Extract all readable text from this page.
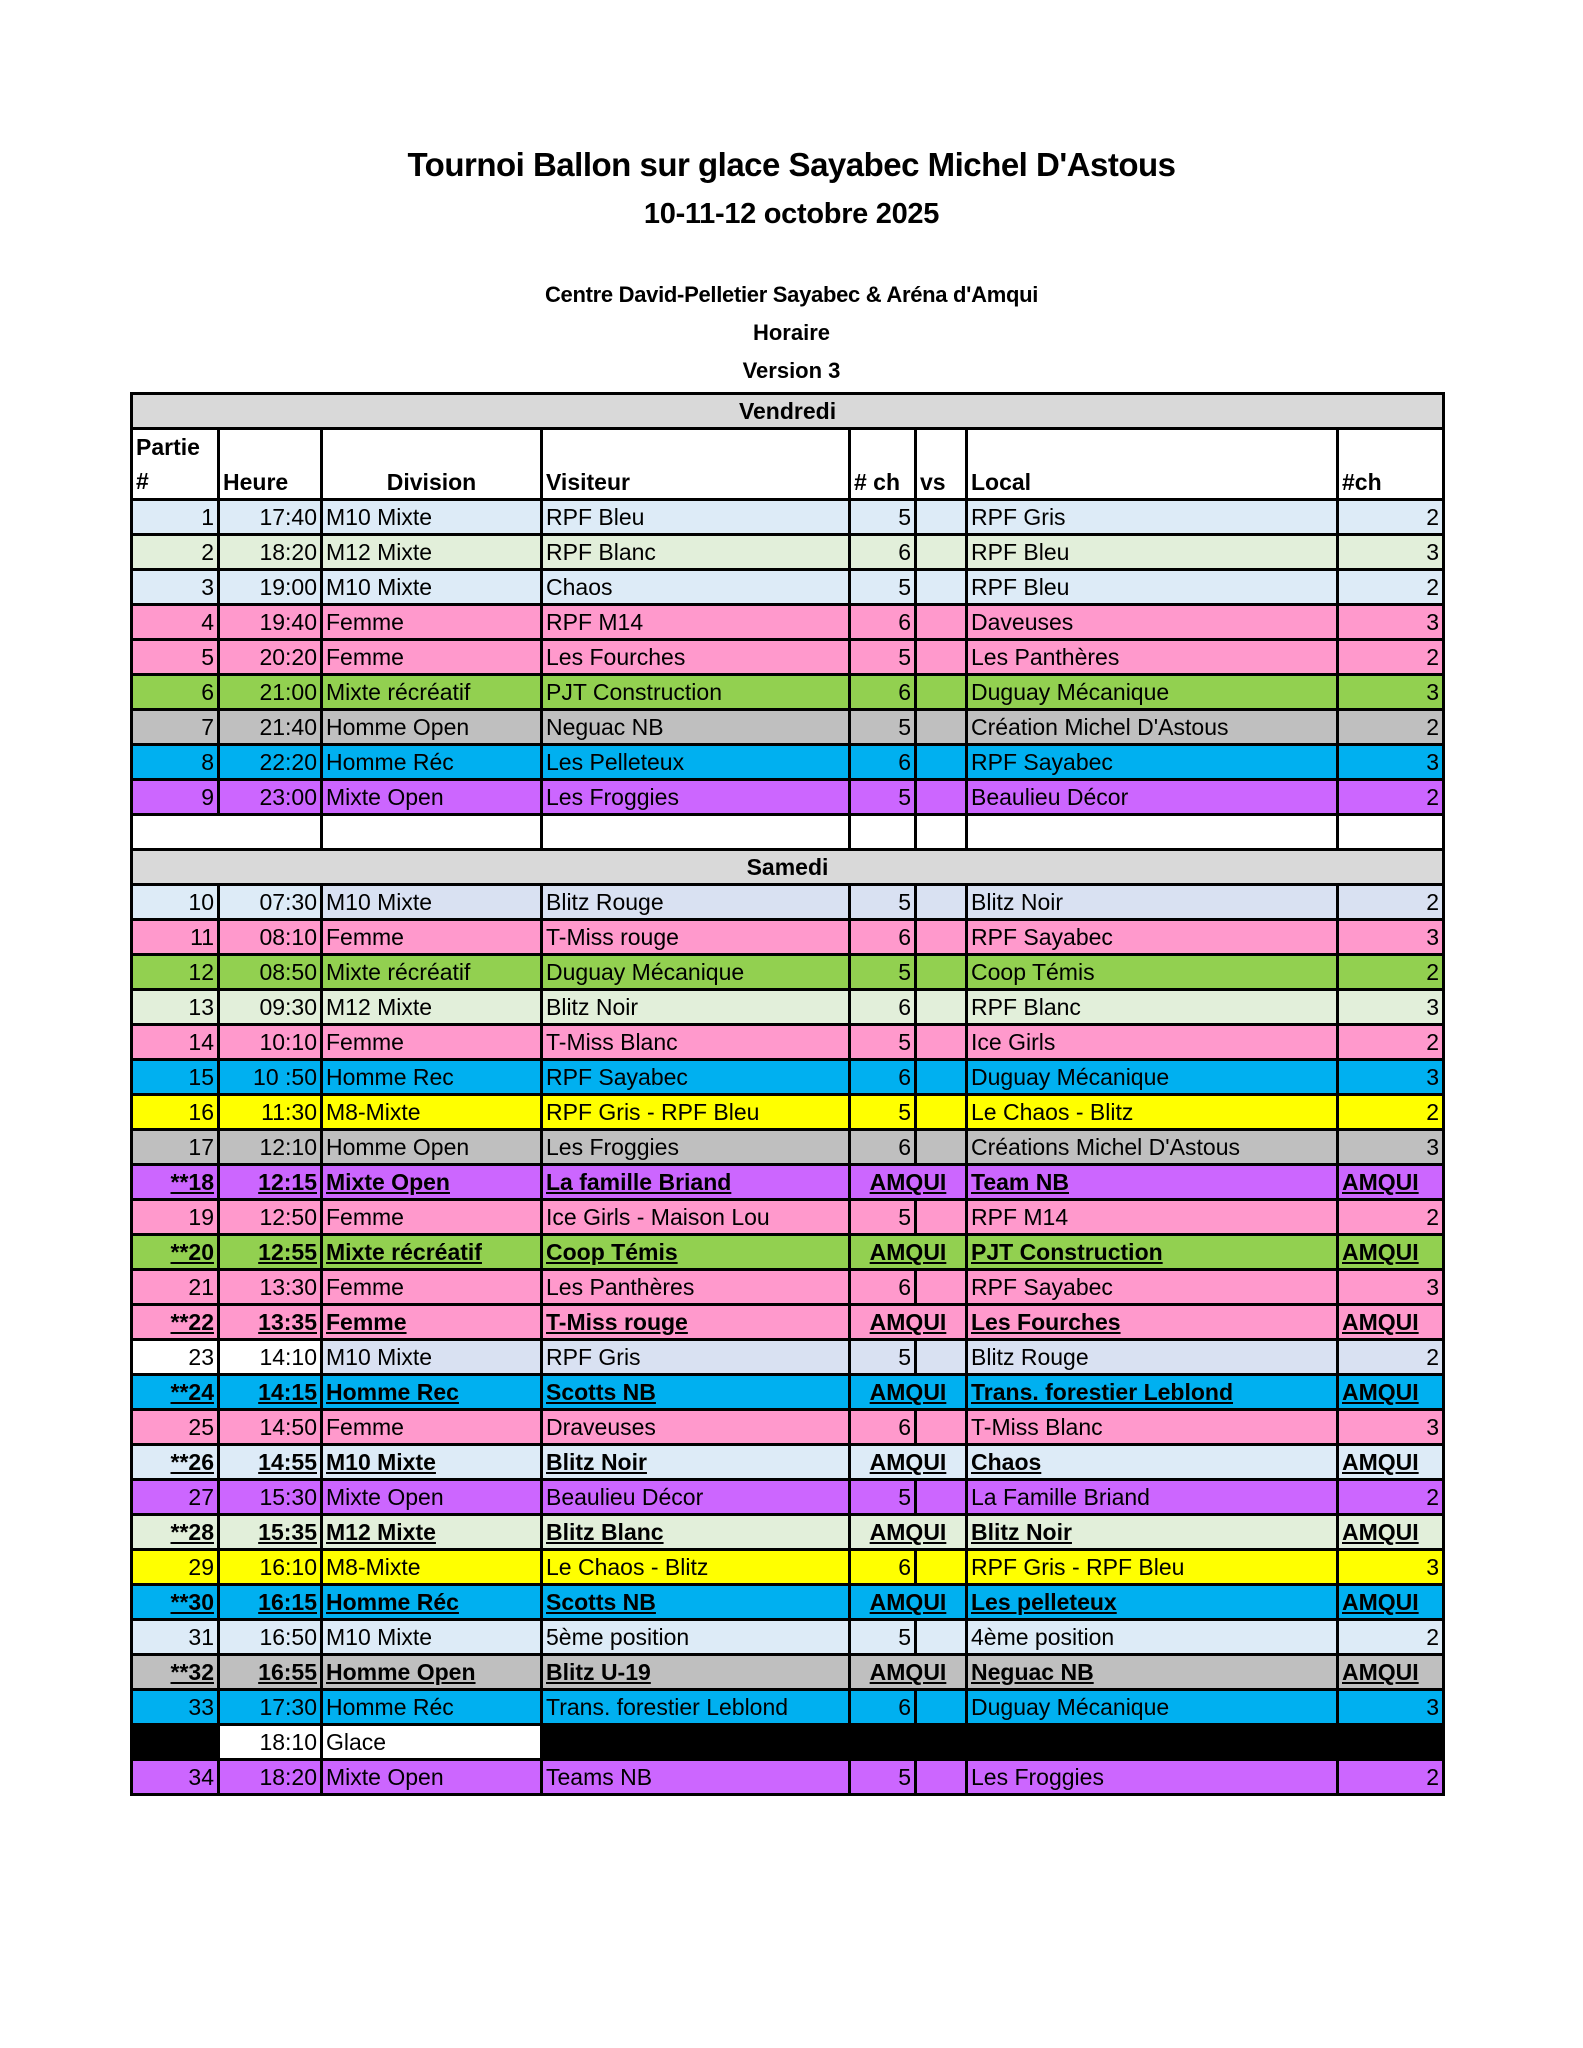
Tournoi Ballon sur glace Sayabec Michel D'Astous
10-11-12 octobre 2025
Centre David-Pelletier Sayabec & Aréna d'Amqui
Horaire
Version 3
Vendredi							
Partie
#	Heure	Division	Visiteur	# ch	vs	Local	#ch
1	17:40	M10 Mixte	RPF Bleu	5		RPF Gris	2
2	18:20	M12 Mixte	RPF Blanc	6		RPF Bleu	3
3	19:00	M10 Mixte	Chaos	5		RPF Bleu	2
4	19:40	Femme	RPF M14	6		Daveuses	3
5	20:20	Femme	Les Fourches	5		Les Panthères	2
6	21:00	Mixte récréatif	PJT Construction	6		Duguay Mécanique	3
7	21:40	Homme Open	Neguac NB	5		Création Michel D'Astous	2
8	22:20	Homme Réc	Les Pelleteux	6		RPF Sayabec	3
9	23:00	Mixte Open	Les Froggies	5		Beaulieu Décor	2

Samedi							
10	07:30	M10 Mixte	Blitz Rouge	5		Blitz Noir	2
11	08:10	Femme	T-Miss rouge	6		RPF Sayabec	3
12	08:50	Mixte récréatif	Duguay Mécanique	5		Coop Témis	2
13	09:30	M12 Mixte	Blitz Noir	6		RPF Blanc	3
14	10:10	Femme	T-Miss Blanc	5		Ice Girls	2
15	10 :50	Homme Rec	RPF Sayabec	6		Duguay Mécanique	3
16	11:30	M8-Mixte	RPF Gris - RPF Bleu	5		Le Chaos - Blitz	2
17	12:10	Homme Open	Les Froggies	6		Créations Michel D'Astous	3
**18	12:15	Mixte Open	La famille Briand	AMQUI		Team NB	AMQUI
19	12:50	Femme	Ice Girls - Maison Lou	5		RPF M14	2
**20	12:55	Mixte récréatif	Coop Témis	AMQUI		PJT Construction	AMQUI
21	13:30	Femme	Les Panthères	6		RPF Sayabec	3
**22	13:35	Femme	T-Miss rouge	AMQUI		Les Fourches	AMQUI
23	14:10	M10 Mixte	RPF Gris	5		Blitz Rouge	2
**24	14:15	Homme Rec	Scotts NB	AMQUI		Trans. forestier Leblond	AMQUI
25	14:50	Femme	Draveuses	6		T-Miss Blanc	3
**26	14:55	M10 Mixte	Blitz Noir	AMQUI		Chaos	AMQUI
27	15:30	Mixte Open	Beaulieu Décor	5		La Famille Briand	2
**28	15:35	M12 Mixte	Blitz Blanc	AMQUI		Blitz Noir	AMQUI
29	16:10	M8-Mixte	Le Chaos - Blitz	6		RPF Gris - RPF Bleu	3
**30	16:15	Homme Réc	Scotts NB	AMQUI		Les pelleteux	AMQUI
31	16:50	M10 Mixte	5ème position	5		4ème position	2
**32	16:55	Homme Open	Blitz U-19	AMQUI		Neguac NB	AMQUI
33	17:30	Homme Réc	Trans. forestier Leblond	6		Duguay Mécanique	3
	18:10	Glace					
34	18:20	Mixte Open	Teams NB	5		Les Froggies	2
